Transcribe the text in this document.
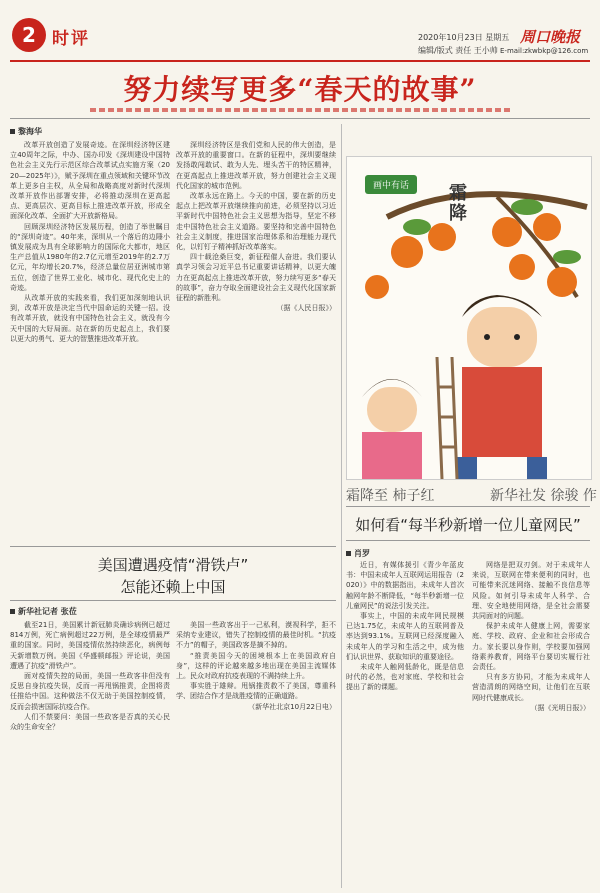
2 时评	2020年10月23日 星期五
编辑/版式 责任 王小帅
周口晚报
E-mail:zkwbkp@126.com
努力续写更多“春天的故事”
黎海华

改革开放创造了发展奇迹。在深圳经济特区建立40周年之际，中办、国办印发《深圳建设中国特色社会主义先行示范区综合改革试点实施方案（2020—2025年）》，赋予深圳在重点领域和关键环节改革上更多自主权，从全局和战略高度对新时代深圳改革开放作出部署安排，必将推动深圳在更高起点、更高层次、更高目标上推进改革开放，形成全面深化改革、全面扩大开放新格局。

回顾深圳经济特区发展历程，创造了举世瞩目的“深圳奇迹”。40年来，深圳从一个落后的边陲小镇发展成为具有全球影响力的国际化大都市，地区生产总值从1980年的2.7亿元增至2019年的2.7万亿元，年均增长20.7%，经济总量位居亚洲城市第五位，创造了世界工业化、城市化、现代化史上的奇迹。

从改革开放的实践来看，我们更加深刻地认识到，改革开放是决定当代中国命运的关键一招。没有改革开放，就没有中国特色社会主义，就没有今天中国的大好局面。站在新的历史起点上，我们要以更大的勇气、更大的智慧推进改革开放。

深圳经济特区是我们党和人民的伟大创造，是改革开放的重要窗口。在新的征程中，深圳要继续发扬敢闯敢试、敢为人先、埋头苦干的特区精神，在更高起点上推进改革开放，努力创建社会主义现代化国家的城市范例。

改革永远在路上。今天的中国，要在新的历史起点上把改革开放继续推向前进，必须坚持以习近平新时代中国特色社会主义思想为指导，坚定不移走中国特色社会主义道路。要坚持和完善中国特色社会主义制度，推进国家治理体系和治理能力现代化，以钉钉子精神抓好改革落实。

四十载沧桑巨变，新征程催人奋进。我们要认真学习领会习近平总书记重要讲话精神，以更大魄力在更高起点上推进改革开放，努力续写更多“春天的故事”，奋力夺取全面建设社会主义现代化国家新征程的新胜利。

（据《人民日报》）

画中有话	霜降
霜降至 柿子红	新华社发 徐骏 作
如何看“每半秒新增一位儿童网民”
美国遭遇疫情“滑铁卢”
怎能还赖上中国
新华社记者 张莅

截至21日，美国累计新冠肺炎确诊病例已超过814万例，死亡病例超过22万例，是全球疫情最严重的国家。同时，美国疫情依然持续恶化，病例每天新增数万例。美国《华盛顿邮报》评论说，美国遭遇了抗疫“滑铁卢”。

面对疫情失控的局面，美国一些政客非但没有反思自身抗疫失误，反而一再甩锅推责，企图将责任推给中国。这种做法不仅无助于美国控制疫情，反而会损害国际抗疫合作。

人们不禁要问：美国一些政客是否真的关心民众的生命安全？

美国一些政客出于一己私利，漠视科学，拒不采纳专业建议，错失了控制疫情的最佳时机。“抗疫不力”的帽子，美国政客是摘不掉的。

“推责美国今天的困境根本上在美国政府自身”，这样的评论越来越多地出现在美国主流媒体上。民众对政府抗疫表现的不满持续上升。

事实胜于雄辩。甩锅推责救不了美国，尊重科学、团结合作才是战胜疫情的正确道路。

（新华社北京10月22日电）

肖罗

近日，有媒体援引《青少年蓝皮书：中国未成年人互联网运用报告（2020）》中的数据指出，未成年人首次触网年龄不断降低，“每半秒新增一位儿童网民”的说法引发关注。

事实上，中国的未成年网民规模已达1.75亿，未成年人的互联网普及率达到93.1%。互联网已经深度融入未成年人的学习和生活之中，成为他们认识世界、获取知识的重要途径。

未成年人触网低龄化，既是信息时代的必然，也对家庭、学校和社会提出了新的课题。

网络是把双刃剑。对于未成年人来说，互联网在带来便利的同时，也可能带来沉迷网络、接触不良信息等风险。如何引导未成年人科学、合理、安全地使用网络，是全社会需要共同面对的问题。

保护未成年人健康上网，需要家庭、学校、政府、企业和社会形成合力。家长要以身作则，学校要加强网络素养教育，网络平台要切实履行社会责任。

只有多方协同，才能为未成年人营造清朗的网络空间，让他们在互联网时代健康成长。

（据《光明日报》）
